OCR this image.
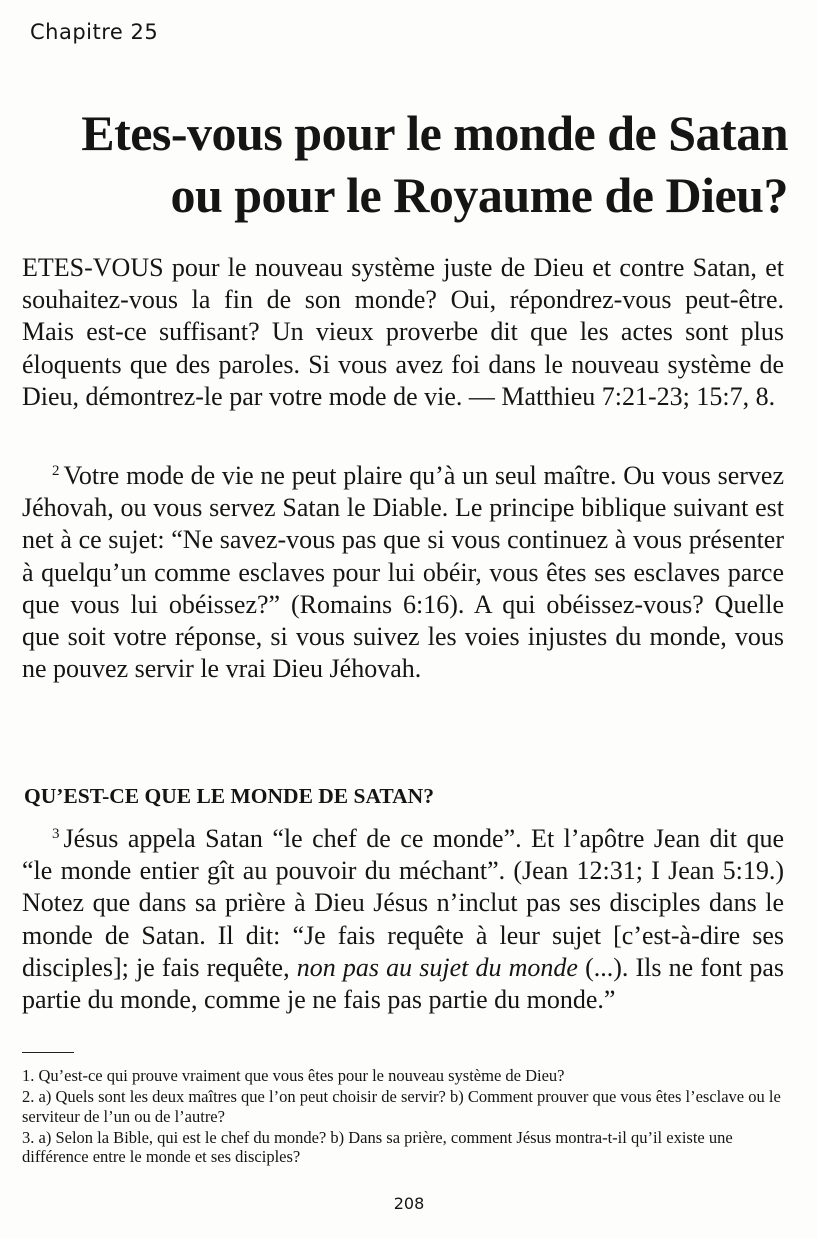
Chapitre 25
Etes-vous pour le monde de Satan
ou pour le Royaume de Dieu?
ETES-VOUS pour le nouveau système juste de Dieu et contre Satan, et souhaitez-vous la fin de son monde? Oui, répondrez-vous peut-être. Mais est-ce suffisant? Un vieux proverbe dit que les actes sont plus éloquents que des paroles. Si vous avez foi dans le nouveau système de Dieu, démontrez-le par votre mode de vie. — Matthieu 7:21-23; 15:7, 8.
$^2$ Votre mode de vie ne peut plaire qu’à un seul maître. Ou vous servez Jéhovah, ou vous servez Satan le Diable. Le principe biblique suivant est net à ce sujet: “Ne savez-vous pas que si vous continuez à vous présenter à quelqu’un comme esclaves pour lui obéir, vous êtes ses esclaves parce que vous lui obéissez?” (Romains 6:16). A qui obéissez-vous? Quelle que soit votre réponse, si vous suivez les voies injustes du monde, vous ne pouvez servir le vrai Dieu Jéhovah.
QU’EST-CE QUE LE MONDE DE SATAN?
$^3$ Jésus appela Satan “le chef de ce monde”. Et l’apôtre Jean dit que “le monde entier gît au pouvoir du méchant”. (Jean 12:31; I Jean 5:19.) Notez que dans sa prière à Dieu Jésus n’inclut pas ses disciples dans le monde de Satan. Il dit: “Je fais requête à leur sujet [c’est-à-dire ses disciples]; je fais requête, non pas au sujet du monde (...). Ils ne font pas partie du monde, comme je ne fais pas partie du monde.”

1. Qu’est-ce qui prouve vraiment que vous êtes pour le nouveau système de Dieu?

2. a) Quels sont les deux maîtres que l’on peut choisir de servir? b) Comment prouver que vous êtes l’esclave ou le serviteur de l’un ou de l’autre?

3. a) Selon la Bible, qui est le chef du monde? b) Dans sa prière, comment Jésus montra-t-il qu’il existe une différence entre le monde et ses disciples?

208
